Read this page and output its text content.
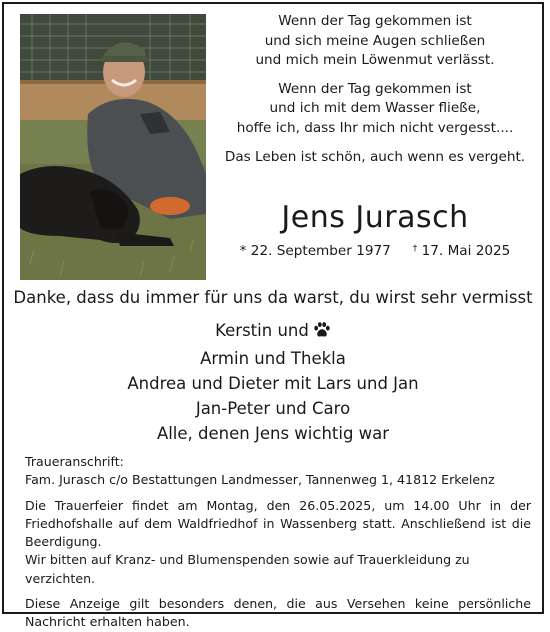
Wenn der Tag gekommen ist
und sich meine Augen schließen
und mich mein Löwenmut verlässt.
Wenn der Tag gekommen ist
und ich mit dem Wasser fließe,
hoffe ich, dass Ihr mich nicht vergesst....
Das Leben ist schön, auch wenn es vergeht.
Jens Jurasch
* 22. September 1977 † 17. Mai 2025
Danke, dass du immer für uns da warst, du wirst sehr vermisst
Kerstin und
Armin und Thekla
Andrea und Dieter mit Lars und Jan
Jan-Peter und Caro
Alle, denen Jens wichtig war
Traueranschrift:
Fam. Jurasch c/o Bestattungen Landmesser, Tannenweg 1, 41812 Erkelenz
Die Trauerfeier findet am Montag, den 26.05.2025, um 14.00 Uhr in der Friedhofshalle auf dem Waldfriedhof in Wassenberg statt. Anschließend ist die Beerdigung.
Wir bitten auf Kranz- und Blumenspenden sowie auf Trauerkleidung zu verzichten.
Diese Anzeige gilt besonders denen, die aus Versehen keine persönliche Nachricht erhalten haben.
